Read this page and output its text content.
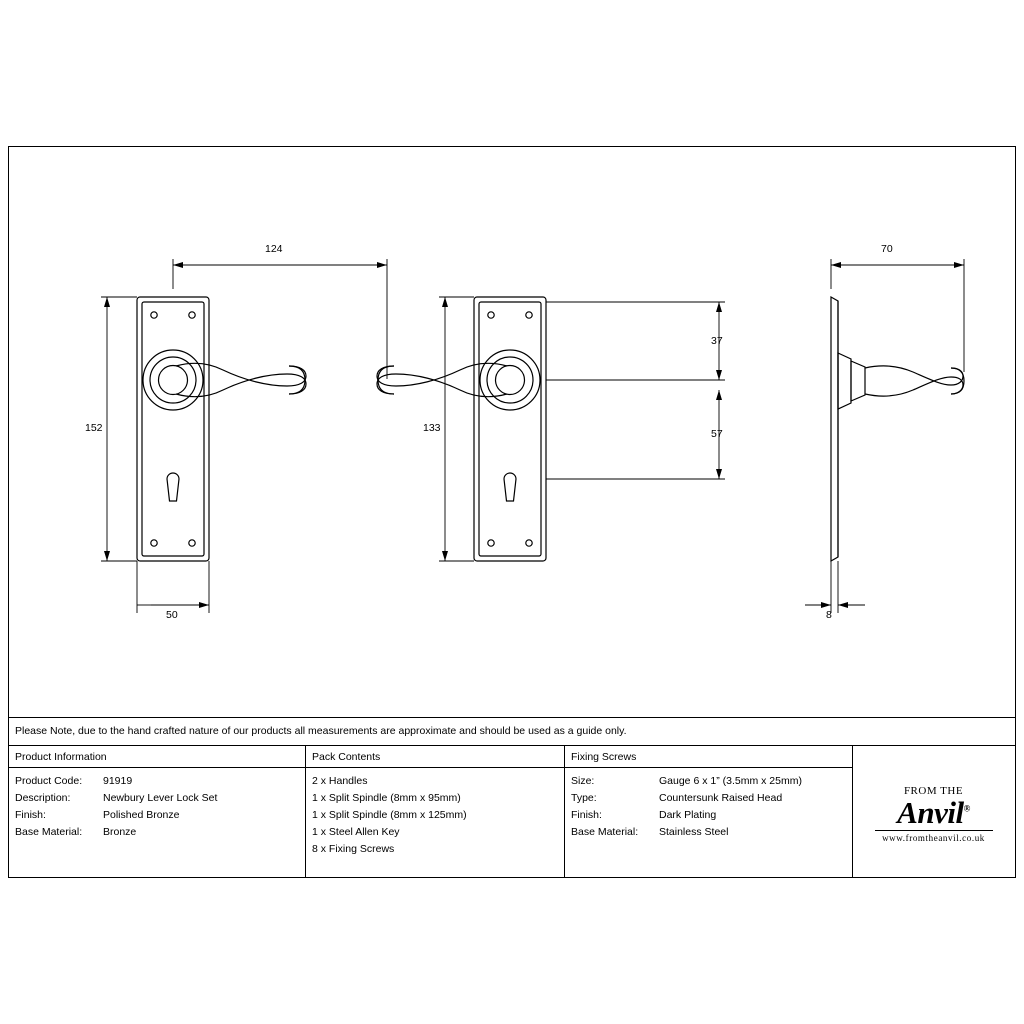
124
152
50
133
37
57
70
8
Please Note, due to the hand crafted nature of our products all measurements are approximate and should be used as a guide only.
Product Information
Product Code: 91919
Description:	Newbury Lever Lock Set
Finish:	Polished Bronze
Base Material: Bronze
Pack Contents
2 x Handles
1 x Split Spindle (8mm x 95mm)
1 x Split Spindle (8mm x 125mm)
1 x Steel Allen Key
8 x Fixing Screws
Fixing Screws
Size:	Gauge 6 x 1” (3.5mm x 25mm)
Type:	Countersunk Raised Head
Finish:	Dark Plating
Base Material: Stainless Steel
FROM THE
Anvil®
www.fromtheanvil.co.uk
